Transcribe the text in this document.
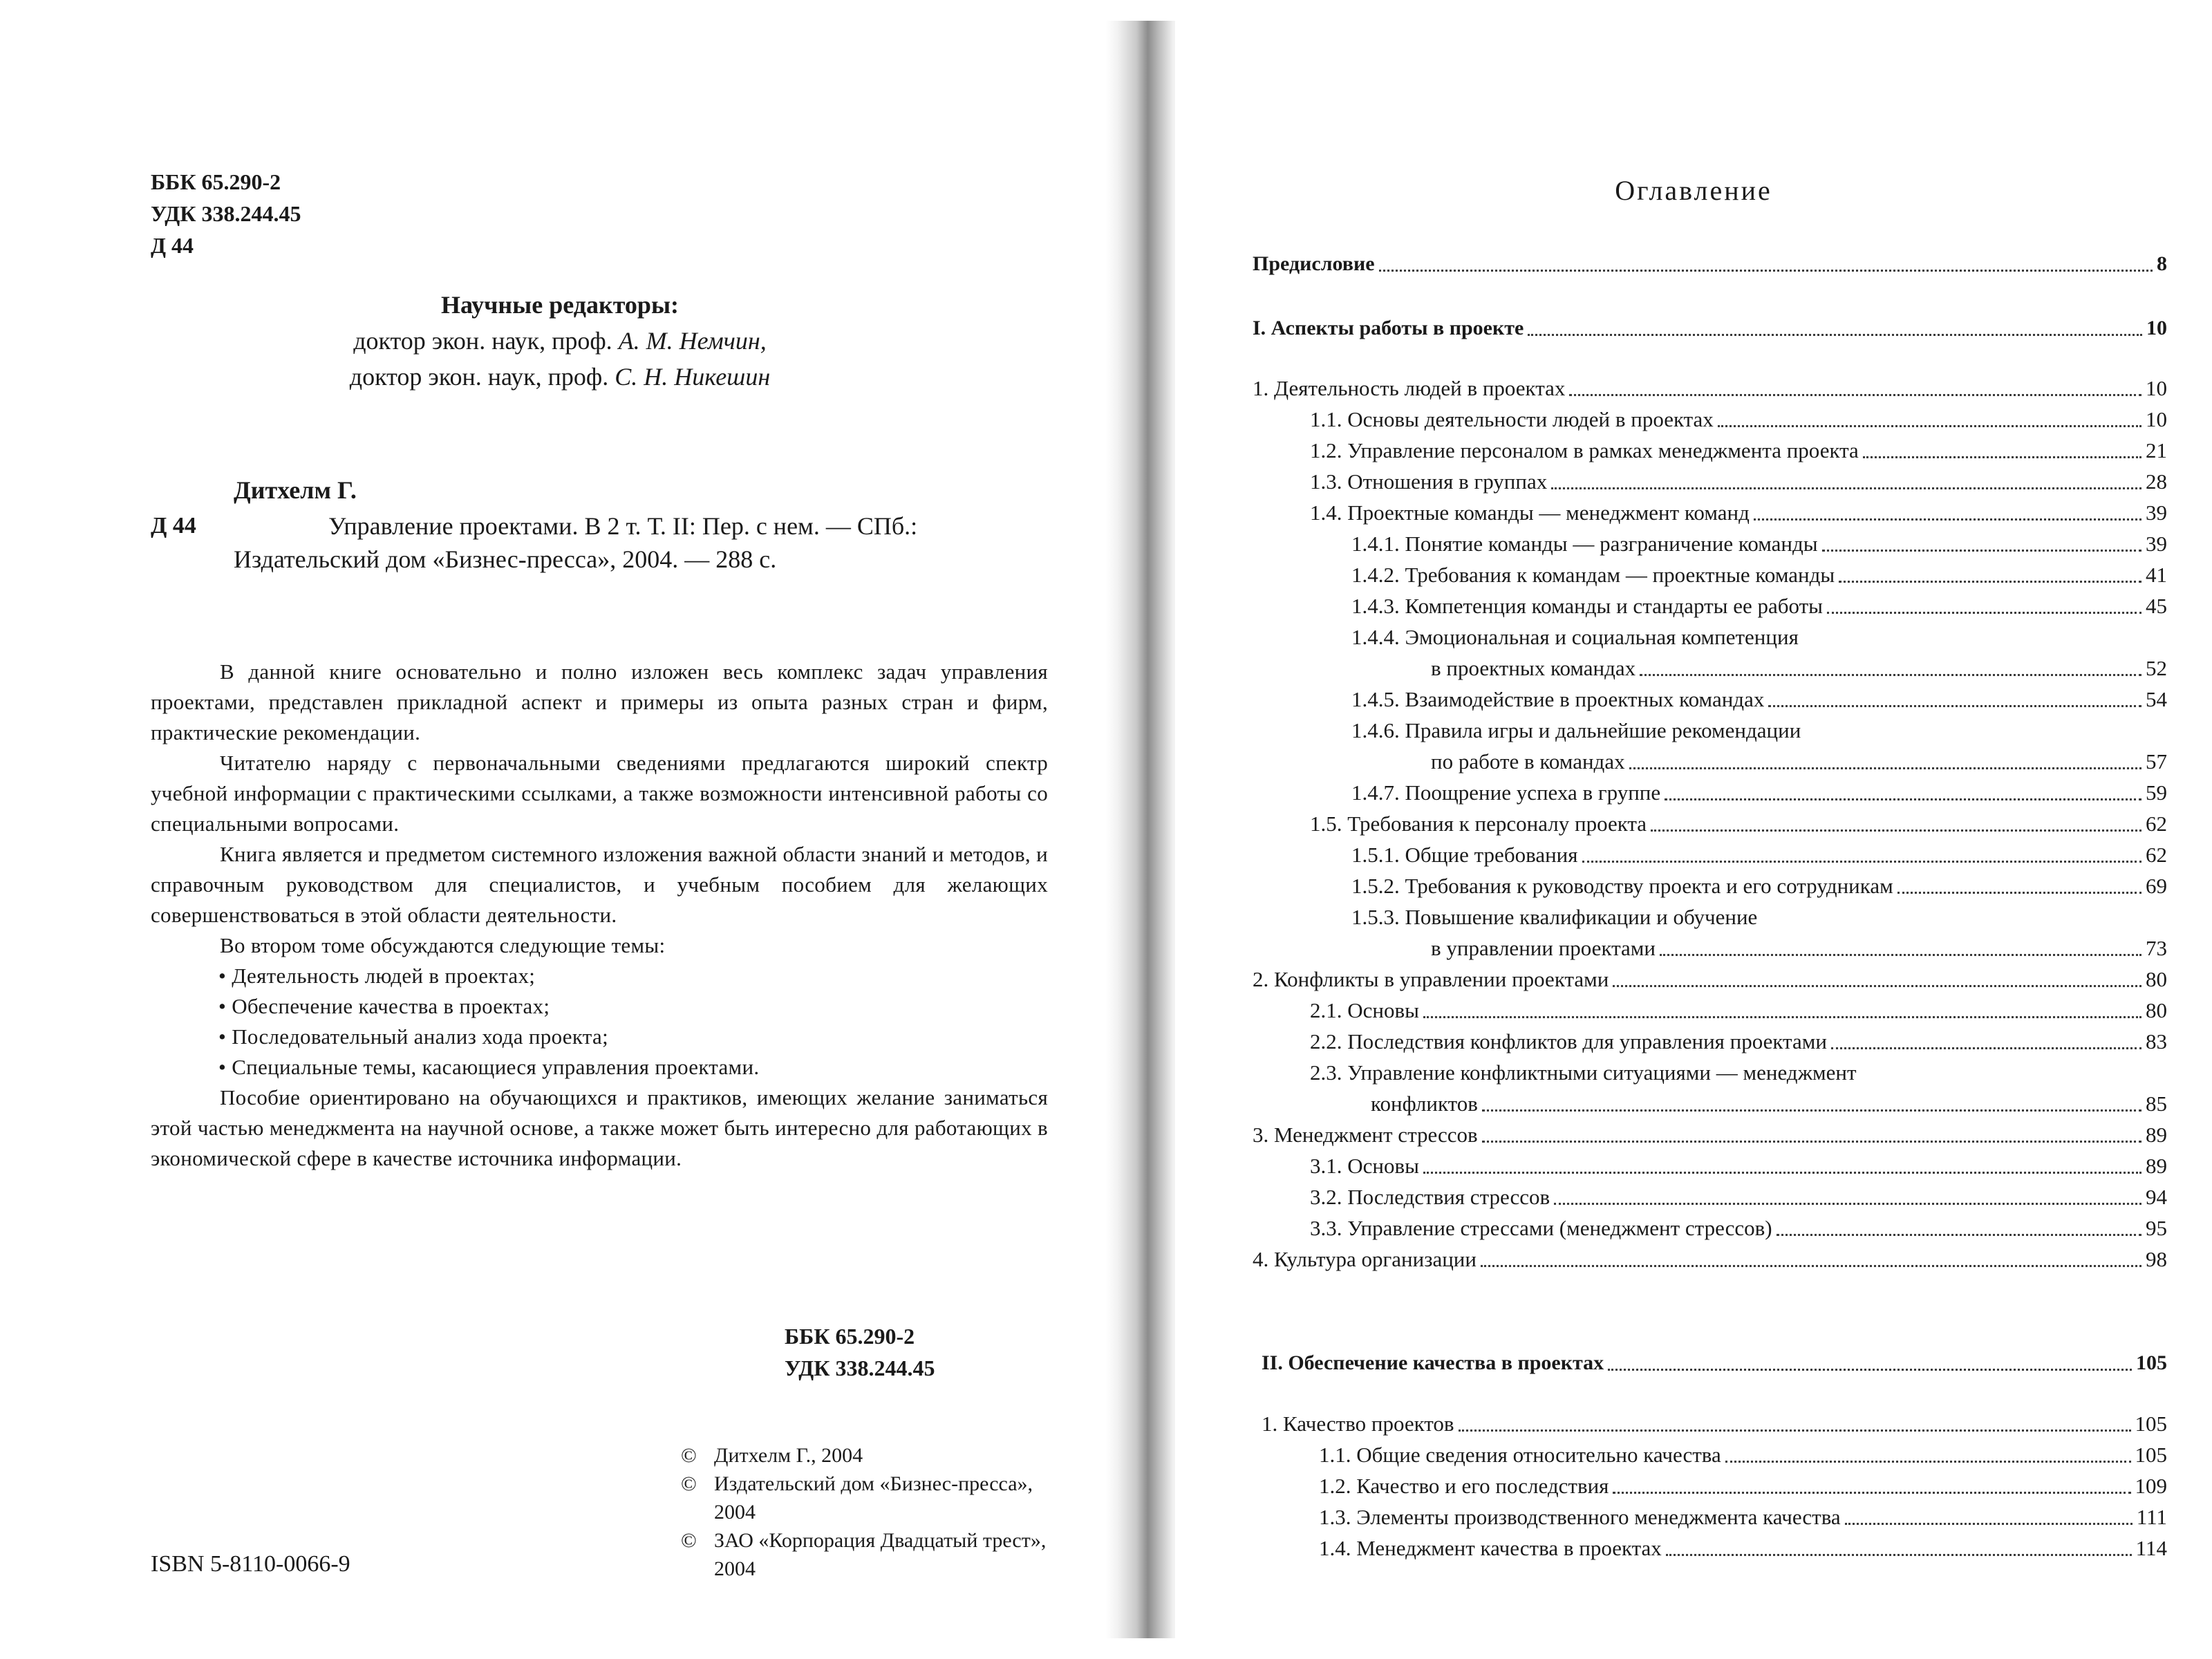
ББК 65.290-2
УДК 338.244.45
Д 44
Научные редакторы:
доктор экон. наук, проф. А. М. Немчин,
доктор экон. наук, проф. С. Н. Никешин
Дитхелм Г.
Д 44	Управление проектами. В 2 т. Т. II: Пер. с нем. — СПб.:
Издательский дом «Бизнес-пресса», 2004. — 288 с.

В данной книге основательно и полно изложен весь комплекс задач управления проектами, представлен прикладной аспект и примеры из опыта разных стран и фирм, практические рекомендации.

Читателю наряду с первоначальными сведениями предлагаются широкий спектр учебной информации с практическими ссылками, а также возможности интенсивной работы со специальными вопросами.

Книга является и предметом системного изложения важной области знаний и методов, и справочным руководством для специалистов, и учебным пособием для желающих совершенствоваться в этой области деятельности.

Во втором томе обсуждаются следующие темы:

• Деятельность людей в проектах;

• Обеспечение качества в проектах;

• Последовательный анализ хода проекта;

• Специальные темы, касающиеся управления проектами.

Пособие ориентировано на обучающихся и практиков, имеющих желание заниматься этой частью менеджмента на научной основе, а также может быть интересно для работающих в экономической сфере в качестве источника информации.

ББК 65.290-2
УДК 338.244.45
© Дитхелм Г., 2004
© Издательский дом «Бизнес-пресса», 2004
© ЗАО «Корпорация Двадцатый трест», 2004
ISBN 5-8110-0066-9
Оглавление
Предисловие	8
I. Аспекты работы в проекте	10
1. Деятельность людей в проектах	10
1.1. Основы деятельности людей в проектах	10
1.2. Управление персоналом в рамках менеджмента проекта	21
1.3. Отношения в группах	28
1.4. Проектные команды — менеджмент команд	39
1.4.1. Понятие команды — разграничение команды	39
1.4.2. Требования к командам — проектные команды	41
1.4.3. Компетенция команды и стандарты ее работы	45
1.4.4. Эмоциональная и социальная компетенция
в проектных командах	52
1.4.5. Взаимодействие в проектных командах	54
1.4.6. Правила игры и дальнейшие рекомендации
по работе в командах	57
1.4.7. Поощрение успеха в группе	59
1.5. Требования к персоналу проекта	62
1.5.1. Общие требования	62
1.5.2. Требования к руководству проекта и его сотрудникам	69
1.5.3. Повышение квалификации и обучение
в управлении проектами	73
2. Конфликты в управлении проектами	80
2.1. Основы	80
2.2. Последствия конфликтов для управления проектами	83
2.3. Управление конфликтными ситуациями — менеджмент
конфликтов	85
3. Менеджмент стрессов	89
3.1. Основы	89
3.2. Последствия стрессов	94
3.3. Управление стрессами (менеджмент стрессов)	95
4. Культура организации	98
II. Обеспечение качества в проектах	105
1. Качество проектов	105
1.1. Общие сведения относительно качества	105
1.2. Качество и его последствия	109
1.3. Элементы производственного менеджмента качества	111
1.4. Менеджмент качества в проектах	114
